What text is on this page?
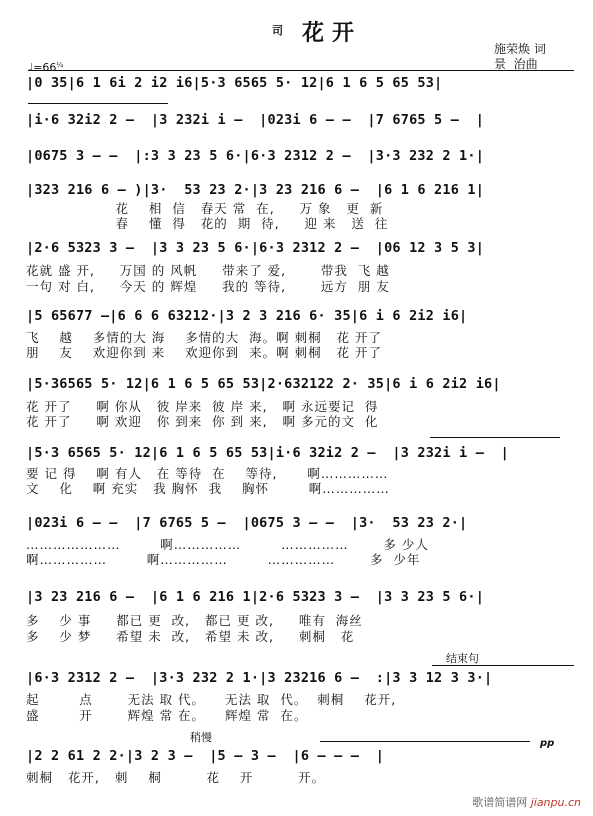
司 花开
施荣焕 词
景  治曲
$♩=66^{\frac{1}{4}}$
|0 35|6 1 6i 2 i2 i6|5·3 6565 5· 12|6 1 6 5 65 53|
|i·6 32i2 2 –  |3 232i i –  |023i 6 – –  |7 6765 5 –  |
|0675 3 – –  |:3 3 23 5 6·|6·3 2312 2 –  |3·3 232 2 1·|
|323 216 6 – )|3·  53 23 2·|3 23 216 6 –  |6 1 6 216 1|
花    相  信   春天 常  在,     万 象   更  新
春    懂  得   花的  期  待,     迎 来   送  往
|2·6 5323 3 –  |3 3 23 5 6·|6·3 2312 2 –  |06 12 3 5 3|
花就 盛 开,     万国 的 风帆     带来了 爱,       带我  飞 越
一句 对 白,     今天 的 辉煌     我的 等待,       远方  朋 友
|5 65677 –|6 6 6 63212·|3 2 3 216 6· 35|6 i 6 2i2 i6|
飞    越    多情的大 海    多情的大  海。啊 刺桐   花 开了
朋    友    欢迎你到 来    欢迎你到  来。啊 刺桐   花 开了
|5·36565 5· 12|6 1 6 5 65 53|2·632122 2· 35|6 i 6 2i2 i6|
花 开了     啊 你从   彼 岸来  彼 岸 来,   啊 永远要记  得
花 开了     啊 欢迎   你 到来  你 到 来,   啊 多元的文  化
|5·3 6565 5· 12|6 1 6 5 65 53|i·6 32i2 2 –  |3 232i i –  |
要 记 得    啊 有人   在 等待  在    等待,      啊……………
文    化    啊 充实   我 胸怀  我    胸怀        啊……………
|023i 6 – –  |7 6765 5 –  |0675 3 – –  |3·  53 23 2·|
…………………        啊……………        ……………       多 少人
啊……………        啊……………        ……………       多  少年
|3 23 216 6 –  |6 1 6 216 1|2·6 5323 3 –  |3 3 23 5 6·|
多    少 事     都已 更  改,   都已 更 改,     唯有  海丝
多    少 梦     希望 未  改,   希望 未 改,     刺桐   花
结束句
|6·3 2312 2 –  |3·3 232 2 1·|3 23216 6 –  :|3 3 12 3 3·|
起        点       无法 取 代。    无法 取  代。  刺桐    花开,
盛        开       辉煌 常 在。    辉煌 常  在。
稍慢	pp
|2 2 61 2 2·|3 2 3 –  |5 – 3 –  |6 – – –  |
刺桐   花开,   刺    桐         花    开         开。
歌谱简谱网 jianpu.cn
